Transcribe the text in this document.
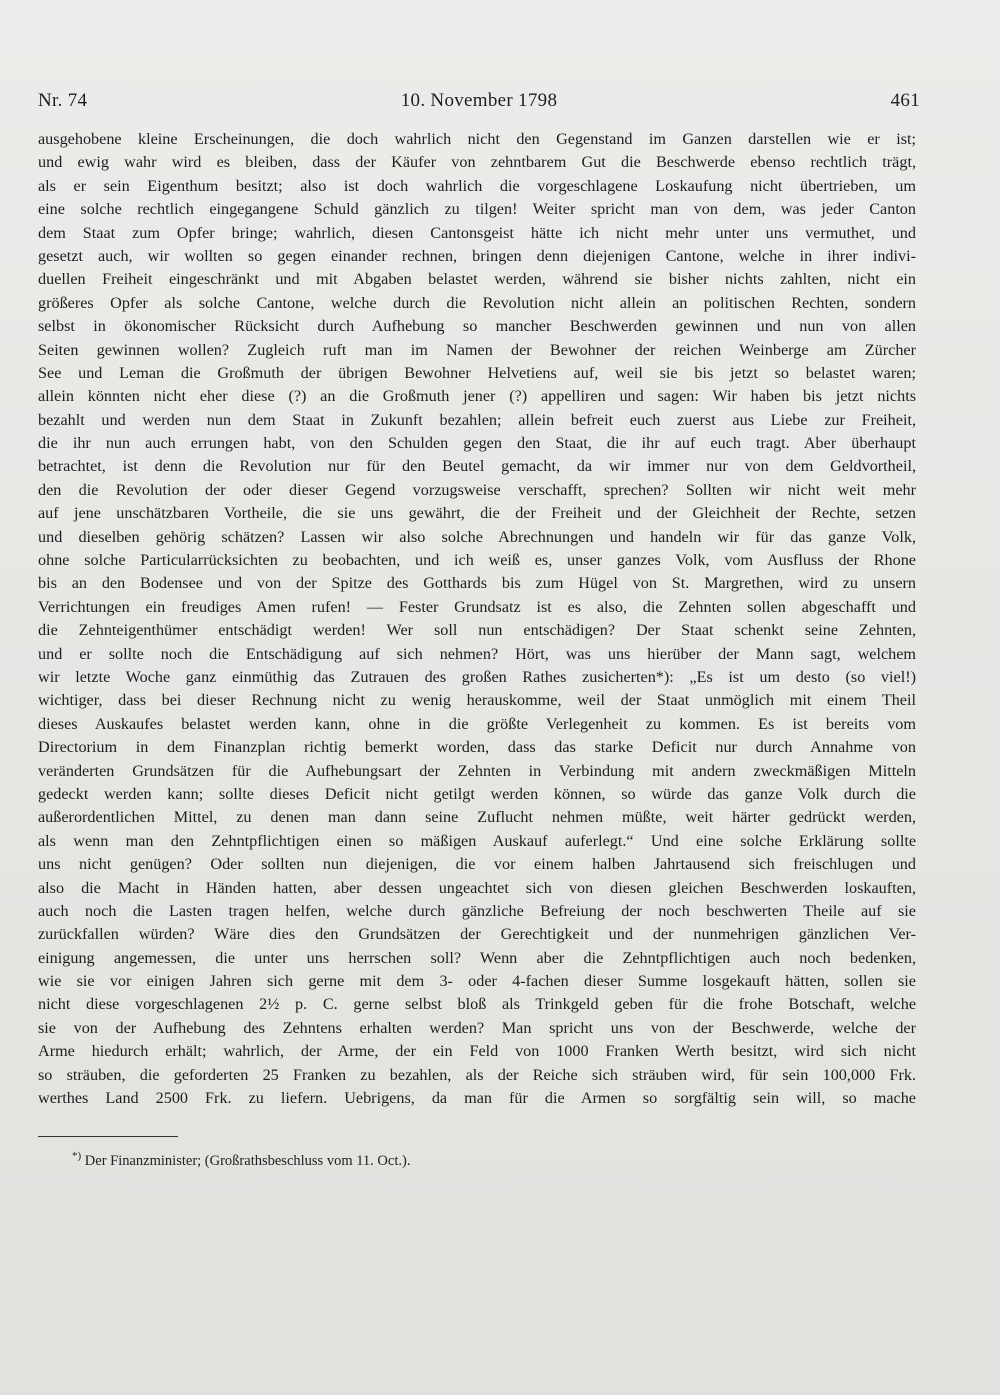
Nr. 74	10. November 1798	461
ausgehobene kleine Erscheinungen, die doch wahrlich nicht den Gegenstand im Ganzen darstellen wie er ist;
und ewig wahr wird es bleiben, dass der Käufer von zehntbarem Gut die Beschwerde ebenso rechtlich trägt,
als er sein Eigenthum besitzt; also ist doch wahrlich die vorgeschlagene Loskaufung nicht übertrieben, um
eine solche rechtlich eingegangene Schuld gänzlich zu tilgen! Weiter spricht man von dem, was jeder Canton
dem Staat zum Opfer bringe; wahrlich, diesen Cantonsgeist hätte ich nicht mehr unter uns vermuthet, und
gesetzt auch, wir wollten so gegen einander rechnen, bringen denn diejenigen Cantone, welche in ihrer indivi-
duellen Freiheit eingeschränkt und mit Abgaben belastet werden, während sie bisher nichts zahlten, nicht ein
größeres Opfer als solche Cantone, welche durch die Revolution nicht allein an politischen Rechten, sondern
selbst in ökonomischer Rücksicht durch Aufhebung so mancher Beschwerden gewinnen und nun von allen
Seiten gewinnen wollen? Zugleich ruft man im Namen der Bewohner der reichen Weinberge am Zürcher
See und Leman die Großmuth der übrigen Bewohner Helvetiens auf, weil sie bis jetzt so belastet waren;
allein könnten nicht eher diese (?) an die Großmuth jener (?) appelliren und sagen: Wir haben bis jetzt nichts
bezahlt und werden nun dem Staat in Zukunft bezahlen; allein befreit euch zuerst aus Liebe zur Freiheit,
die ihr nun auch errungen habt, von den Schulden gegen den Staat, die ihr auf euch tragt. Aber überhaupt
betrachtet, ist denn die Revolution nur für den Beutel gemacht, da wir immer nur von dem Geldvortheil,
den die Revolution der oder dieser Gegend vorzugsweise verschafft, sprechen? Sollten wir nicht weit mehr
auf jene unschätzbaren Vortheile, die sie uns gewährt, die der Freiheit und der Gleichheit der Rechte, setzen
und dieselben gehörig schätzen? Lassen wir also solche Abrechnungen und handeln wir für das ganze Volk,
ohne solche Particularrücksichten zu beobachten, und ich weiß es, unser ganzes Volk, vom Ausfluss der Rhone
bis an den Bodensee und von der Spitze des Gotthards bis zum Hügel von St. Margrethen, wird zu unsern
Verrichtungen ein freudiges Amen rufen! — Fester Grundsatz ist es also, die Zehnten sollen abgeschafft und
die Zehnteigenthümer entschädigt werden! Wer soll nun entschädigen? Der Staat schenkt seine Zehnten,
und er sollte noch die Entschädigung auf sich nehmen? Hört, was uns hierüber der Mann sagt, welchem
wir letzte Woche ganz einmüthig das Zutrauen des großen Rathes zusicherten*): „Es ist um desto (so viel!)
wichtiger, dass bei dieser Rechnung nicht zu wenig herauskomme, weil der Staat unmöglich mit einem Theil
dieses Auskaufes belastet werden kann, ohne in die größte Verlegenheit zu kommen. Es ist bereits vom
Directorium in dem Finanzplan richtig bemerkt worden, dass das starke Deficit nur durch Annahme von
veränderten Grundsätzen für die Aufhebungsart der Zehnten in Verbindung mit andern zweckmäßigen Mitteln
gedeckt werden kann; sollte dieses Deficit nicht getilgt werden können, so würde das ganze Volk durch die
außerordentlichen Mittel, zu denen man dann seine Zuflucht nehmen müßte, weit härter gedrückt werden,
als wenn man den Zehntpflichtigen einen so mäßigen Auskauf auferlegt.“ Und eine solche Erklärung sollte
uns nicht genügen? Oder sollten nun diejenigen, die vor einem halben Jahrtausend sich freischlugen und
also die Macht in Händen hatten, aber dessen ungeachtet sich von diesen gleichen Beschwerden loskauften,
auch noch die Lasten tragen helfen, welche durch gänzliche Befreiung der noch beschwerten Theile auf sie
zurückfallen würden? Wäre dies den Grundsätzen der Gerechtigkeit und der nunmehrigen gänzlichen Ver-
einigung angemessen, die unter uns herrschen soll? Wenn aber die Zehntpflichtigen auch noch bedenken,
wie sie vor einigen Jahren sich gerne mit dem 3- oder 4-fachen dieser Summe losgekauft hätten, sollen sie
nicht diese vorgeschlagenen 2½ p. C. gerne selbst bloß als Trinkgeld geben für die frohe Botschaft, welche
sie von der Aufhebung des Zehntens erhalten werden? Man spricht uns von der Beschwerde, welche der
Arme hiedurch erhält; wahrlich, der Arme, der ein Feld von 1000 Franken Werth besitzt, wird sich nicht
so sträuben, die geforderten 25 Franken zu bezahlen, als der Reiche sich sträuben wird, für sein 100,000 Frk.
werthes Land 2500 Frk. zu liefern. Uebrigens, da man für die Armen so sorgfältig sein will, so mache
*) Der Finanzminister; (Großrathsbeschluss vom 11. Oct.).
